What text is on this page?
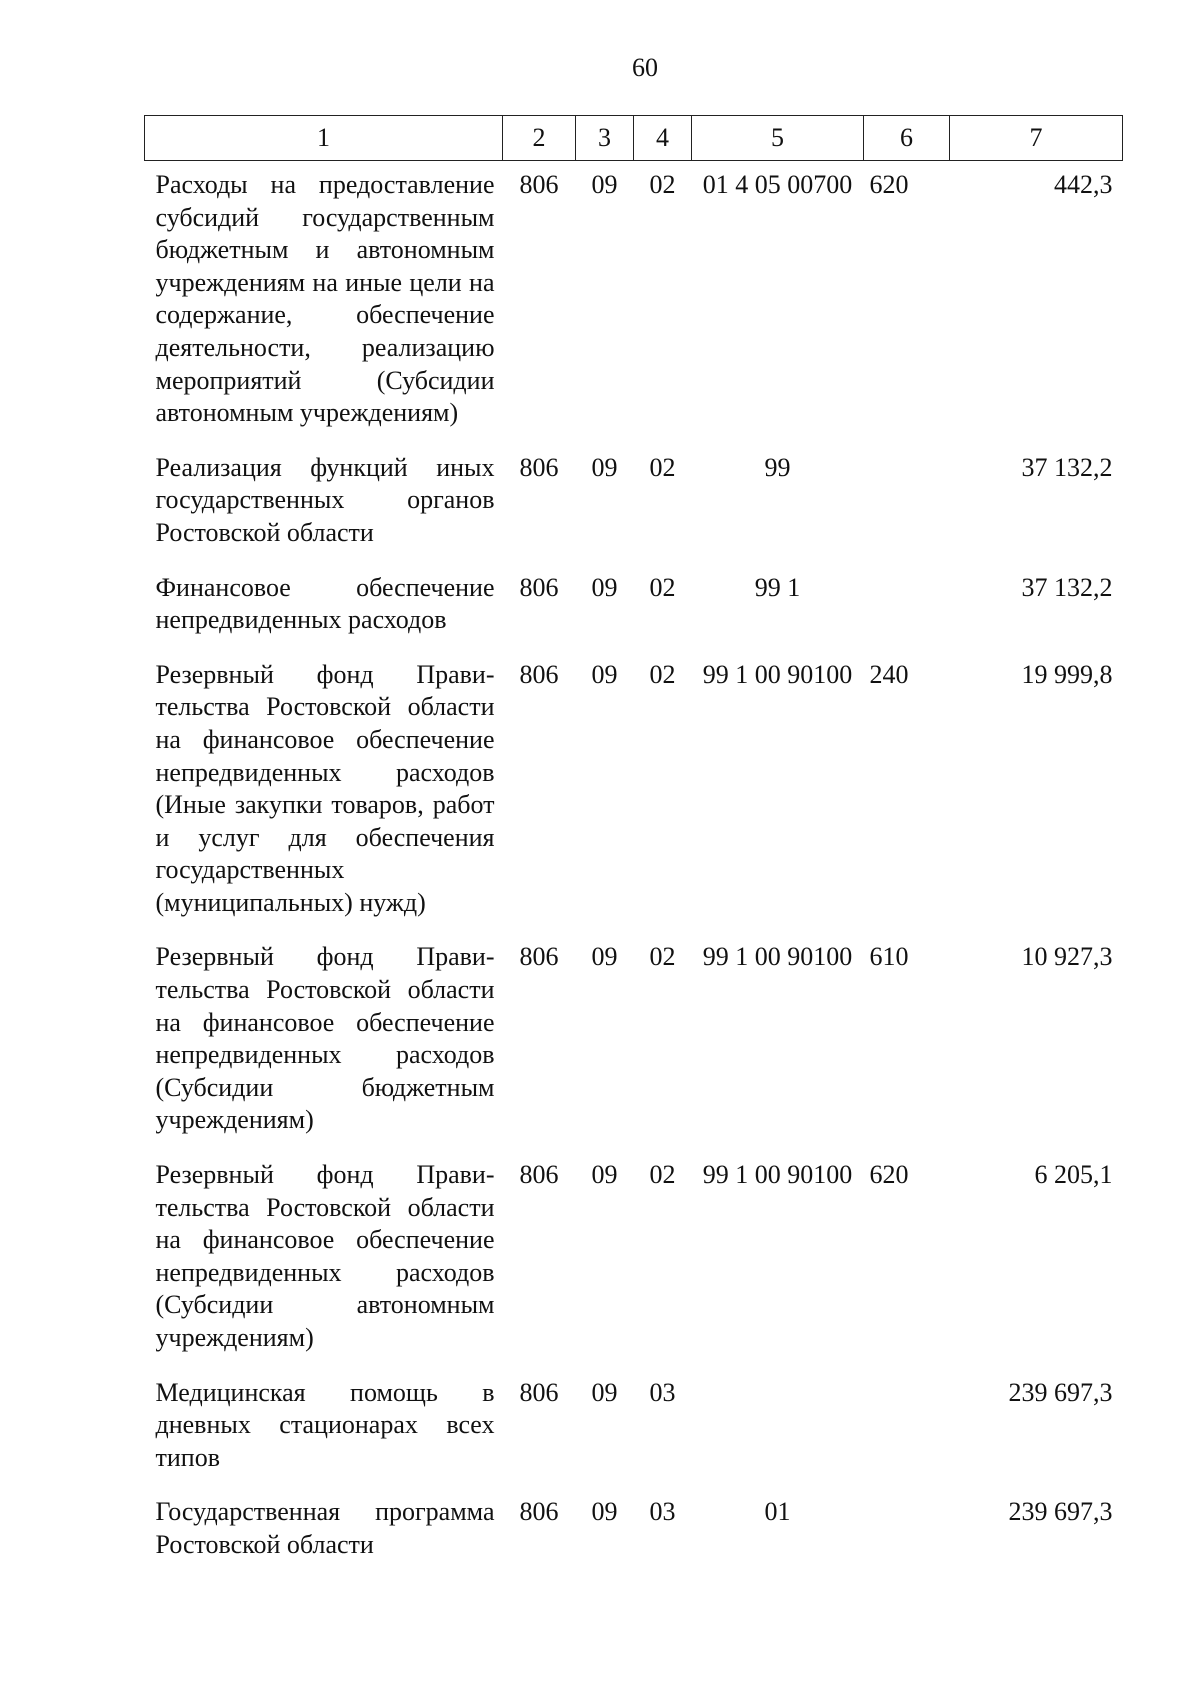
60
1	2	3	4	5	6	7
Расходы на предоставление субсидий государственным бюджетным и автономным учреждениям на иные цели на содержание, обеспечение деятельности, реализацию мероприятий (Субсидии автономным учреждениям)	806	09	02	01 4 05 00700	620	442,3
Реализация функций иных государственных органов Ростовской области	806	09	02	99		37 132,2
Финансовое обеспечение непредвиденных расходов	806	09	02	99 1		37 132,2
Резервный фонд Правительства Ростовской области на финансовое обеспечение непредвиденных расходов (Иные закупки товаров, работ и услуг для обеспечения государственных (муниципальных) нужд)	806	09	02	99 1 00 90100	240	19 999,8
Резервный фонд Правительства Ростовской области на финансовое обеспечение непредвиденных расходов (Субсидии бюджетным учреждениям)	806	09	02	99 1 00 90100	610	10 927,3
Резервный фонд Правительства Ростовской области на финансовое обеспечение непредвиденных расходов (Субсидии автономным учреждениям)	806	09	02	99 1 00 90100	620	6 205,1
Медицинская помощь в дневных стационарах всех типов	806	09	03			239 697,3
Государственная программа Ростовской области	806	09	03	01		239 697,3
